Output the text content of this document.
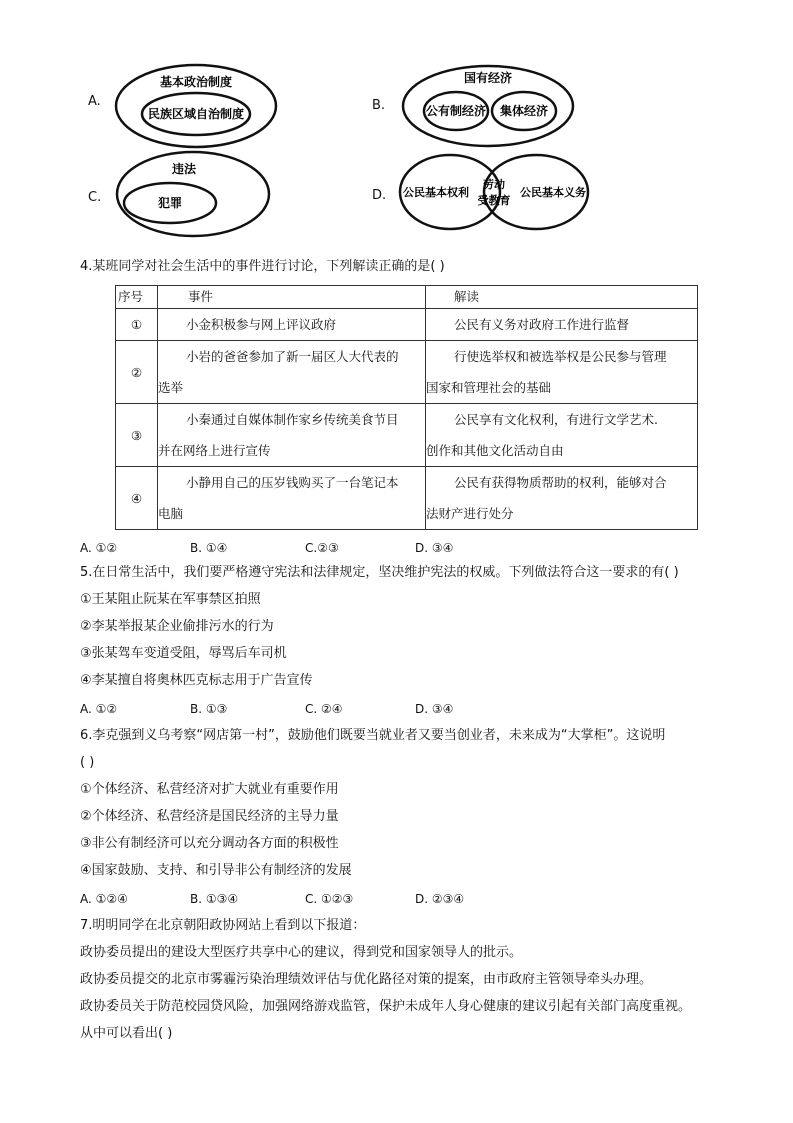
A.
基本政治制度
民族区域自治制度
B.
国有经济
公有制经济 集体经济
C.
违法
犯罪	D. 公民基本权利
劳动
受教育
公民基本义务
4.某班同学对社会生活中的事件进行讨论，下列解读正确的是( )
序号	事件	解读
①	小金积极参与网上评议政府	公民有义务对政府工作进行监督

②	小岩的爸爸参加了新一届区人大代表的
选举	行使选举权和被选举权是公民参与管理
国家和管理社会的基础
③	小秦通过自媒体制作家乡传统美食节目
并在网络上进行宣传	公民享有文化权利，有进行文学艺术.
创作和其他文化活动自由
④	小静用自己的压岁钱购买了一台笔记本
电脑	公民有获得物质帮助的权利，能够对合
法财产进行处分
A. ①②	B. ①④	C.②③	D. ③④
5.在日常生活中，我们要严格遵守宪法和法律规定，坚决维护宪法的权威。下列做法符合这一要求的有( )
①王某阻止阮某在军事禁区拍照
②李某举报某企业偷排污水的行为
③张某驾车变道受阻，辱骂后车司机
④李某擅自将奥林匹克标志用于广告宣传
A. ①②	B. ①③	C. ②④	D. ③④
6.李克强到义乌考察“网店第一村”，鼓励他们既要当就业者又要当创业者，未来成为“大掌柜”。这说明
( )
①个体经济、私营经济对扩大就业有重要作用
②个体经济、私营经济是国民经济的主导力量
③非公有制经济可以充分调动各方面的积极性
④国家鼓励、支持、和引导非公有制经济的发展
A. ①②④	B. ①③④	C. ①②③	D. ②③④
7.明明同学在北京朝阳政协网站上看到以下报道：
政协委员提出的建设大型医疗共享中心的建议，得到党和国家领导人的批示。
政协委员提交的北京市雾霾污染治理绩效评估与优化路径对策的提案，由市政府主管领导牵头办理。
政协委员关于防范校园贷风险，加强网络游戏监管，保护未成年人身心健康的建议引起有关部门高度重视。
从中可以看出( )
